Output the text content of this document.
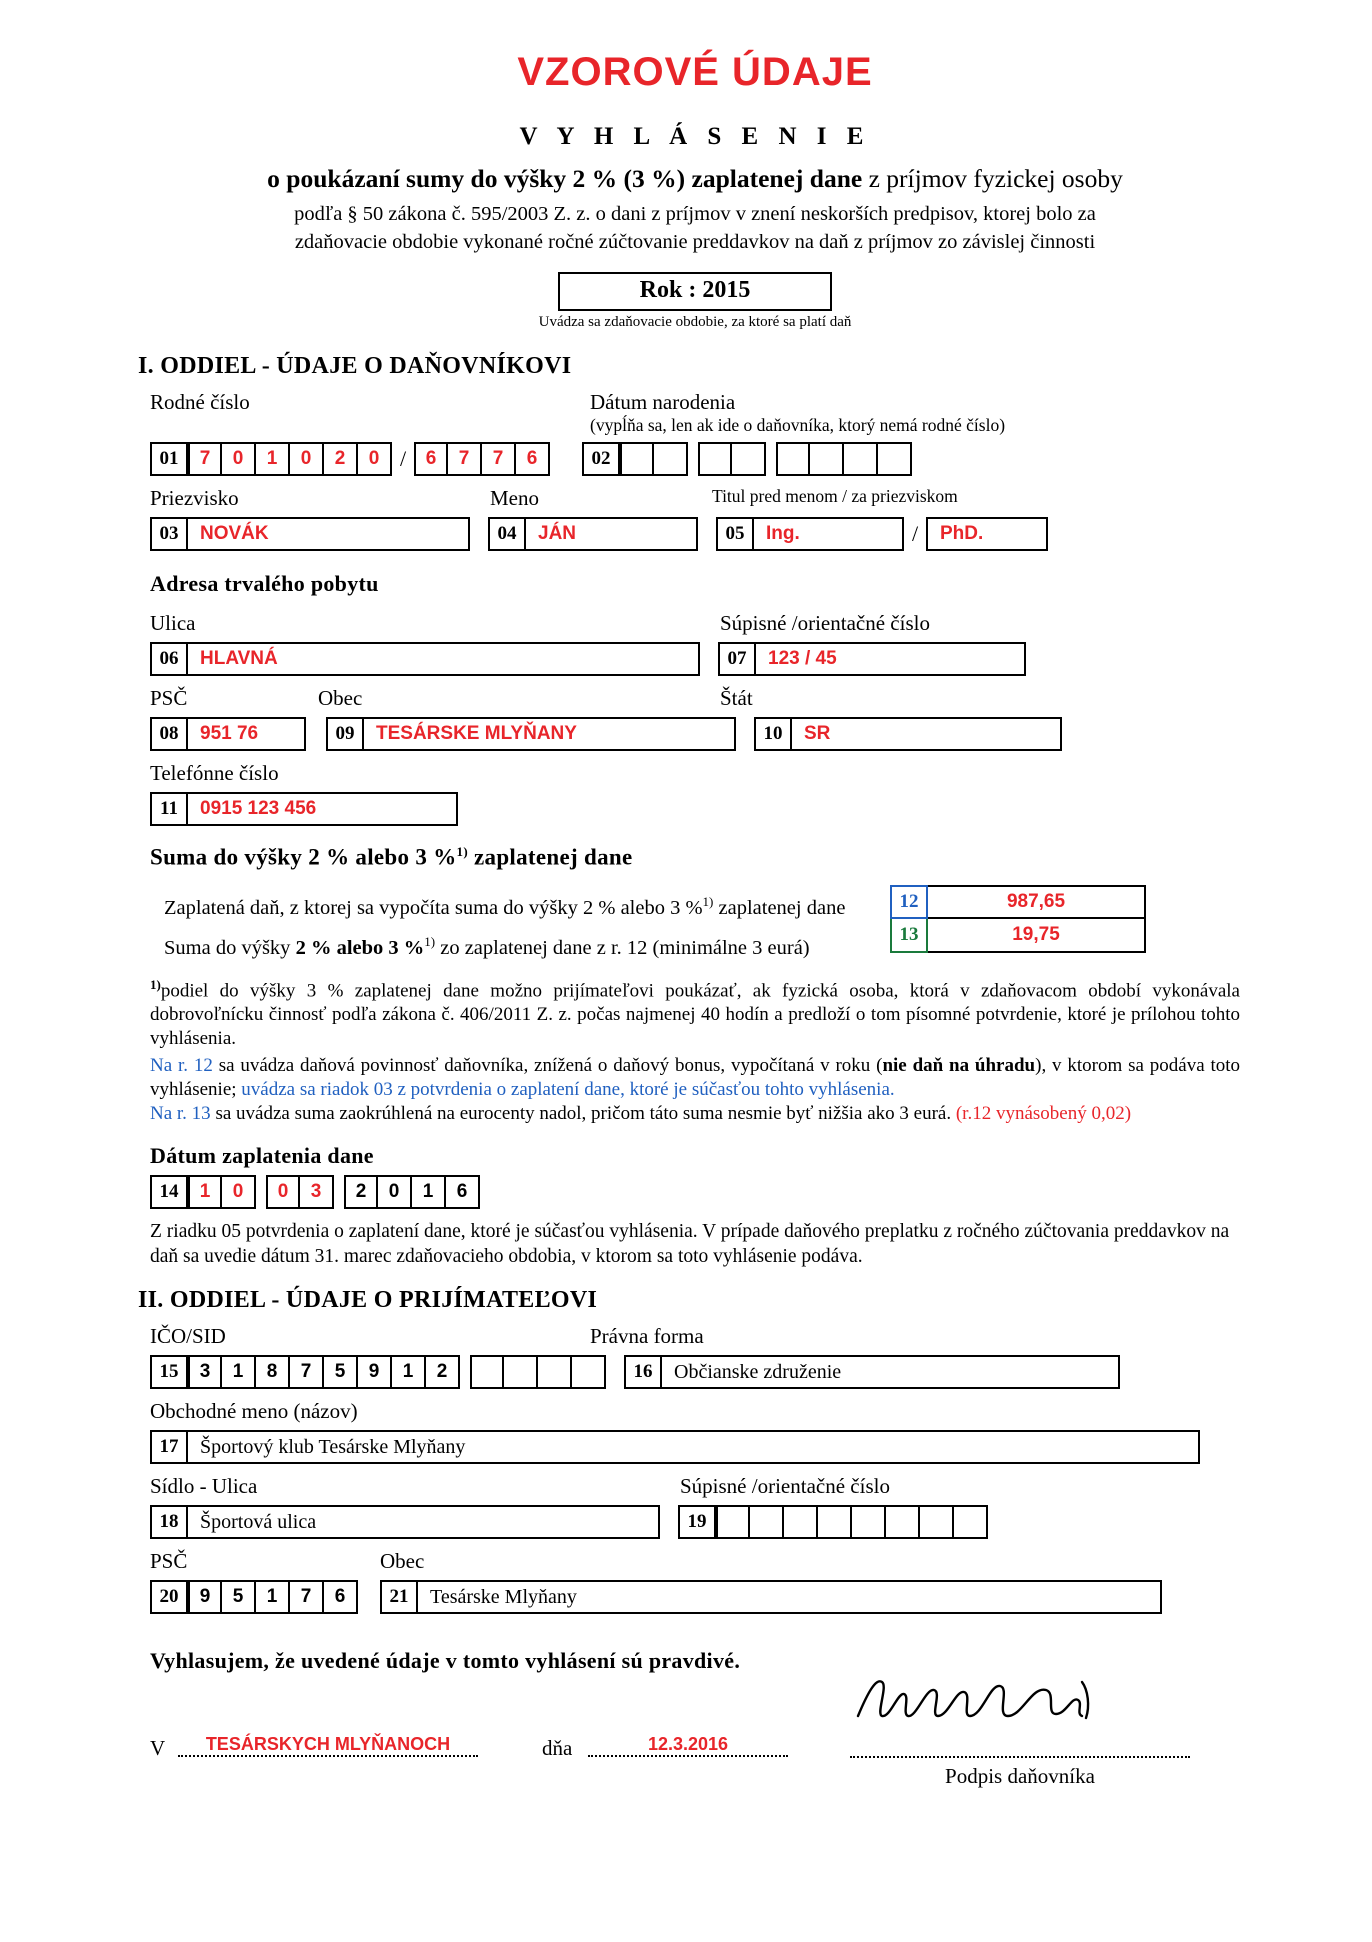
VZOROVÉ ÚDAJE
V Y H L Á S E N I E
o poukázaní sumy do výšky 2 % (3 %) zaplatenej dane z príjmov fyzickej osoby
podľa § 50 zákona č. 595/2003 Z. z. o dani z príjmov v znení neskorších predpisov, ktorej bolo za
zdaňovacie obdobie vykonané ročné zúčtovanie preddavkov na daň z príjmov zo závislej činnosti
Rok : 2015
Uvádza sa zdaňovacie obdobie, za ktoré sa platí daň
I. ODDIEL - ÚDAJE O DAŇOVNÍKOVI
Rodné číslo	Dátum narodenia
(vypĺňa sa, len ak ide o daňovníka, ktorý nemá rodné číslo)
01	7	0	1	0	2	0 /	6	7	7	6	02
Priezvisko	Meno	Titul pred menom / za priezviskom
03	NOVÁK	04	JÁN	05	Ing.	/	PhD.
Adresa trvalého pobytu
Ulica	Súpisné /orientačné číslo
06	HLAVNÁ	07	123 / 45
PSČ	Obec	Štát
08	951 76	09	TESÁRSKE MLYŇANY	10	SR
Telefónne číslo
11	0915 123 456
Suma do výšky 2 % alebo 3 %$^{1)}$ zaplatenej dane
Zaplatená daň, z ktorej sa vypočíta suma do výšky 2 % alebo 3 %$^{1)}$ zaplatenej dane
Suma do výšky 2 % alebo 3 %$^{1)}$ zo zaplatenej dane z r. 12 (minimálne 3 eurá)
12	987,65
13	19,75
$^{1)}$podiel do výšky 3 % zaplatenej dane možno prijímateľovi poukázať, ak fyzická osoba, ktorá v zdaňovacom období vykonávala dobrovoľnícku činnosť podľa zákona č. 406/2011 Z. z. počas najmenej 40 hodín a predloží o tom písomné potvrdenie, ktoré je prílohou tohto vyhlásenia.
Na r. 12 sa uvádza daňová povinnosť daňovníka, znížená o daňový bonus, vypočítaná v roku (nie daň na úhradu), v ktorom sa podáva toto vyhlásenie; uvádza sa riadok 03 z potvrdenia o zaplatení dane, ktoré je súčasťou tohto vyhlásenia.
Na r. 13 sa uvádza suma zaokrúhlená na eurocenty nadol, pričom táto suma nesmie byť nižšia ako 3 eurá. (r.12 vynásobený 0,02)
Dátum zaplatenia dane
14	1	0	0	3	2	0	1	6
Z riadku 05 potvrdenia o zaplatení dane, ktoré je súčasťou vyhlásenia. V prípade daňového preplatku z ročného zúčtovania preddavkov na daň sa uvedie dátum 31. marec zdaňovacieho obdobia, v ktorom sa toto vyhlásenie podáva.
II. ODDIEL - ÚDAJE O PRIJÍMATEĽOVI
IČO/SID	Právna forma
15	3	1	8	7	5	9	1	2	16	Občianske združenie
Obchodné meno (názov)
17	Športový klub Tesárske Mlyňany
Sídlo - Ulica	Súpisné /orientačné číslo
18	Športová ulica	19
PSČ	Obec
20	9	5	1	7	6	21	Tesárske Mlyňany
Vyhlasujem, že uvedené údaje v tomto vyhlásení sú pravdivé.
V	TESÁRSKYCH MLYŇANOCH	dňa	12.3.2016
Podpis daňovníka
